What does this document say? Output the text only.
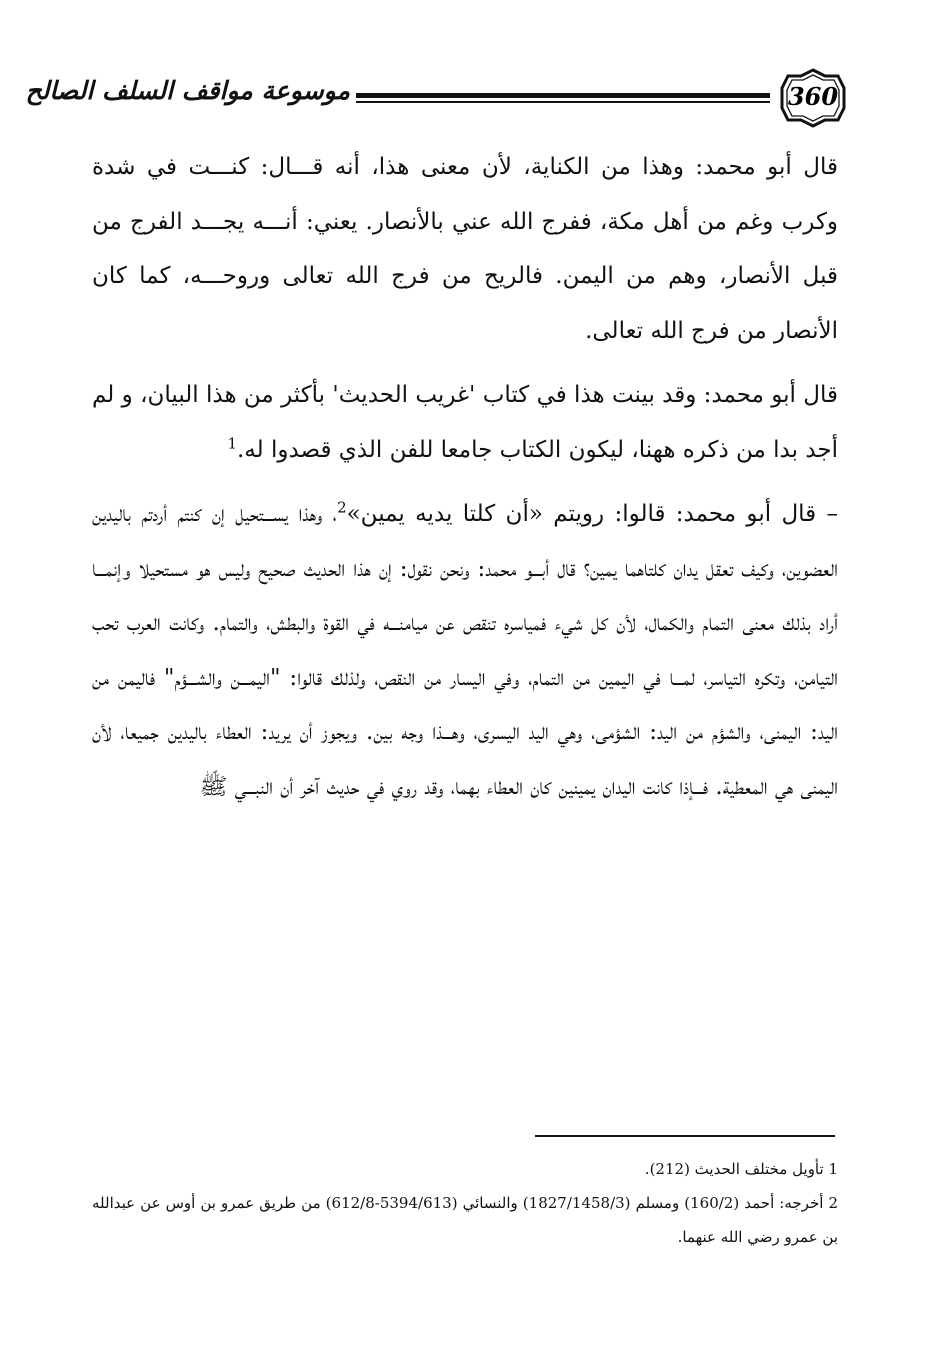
360
موسوعة مواقف السلف الصالح

قال أبو محمد: وهذا من الكناية، لأن معنى هذا، أنه قـــال: كنـــت في شدة وكرب وغم من أهل مكة، ففرج الله عني بالأنصار. يعني: أنـــه يجـــد الفرج من قبل الأنصار، وهم من اليمن. فالريح من فرج الله تعالى وروحـــه، كما كان الأنصار من فرج الله تعالى.

قال أبو محمد: وقد بينت هذا في كتاب 'غريب الحديث' بأكثر من هذا البيان، و لم أجد بدا من ذكره ههنا، ليكون الكتاب جامعا للفن الذي قصدوا له.$^1$

– قال أبو محمد: قالوا: رويتم «أن كلتا يديه يمين»$^2$، وهذا يســـتحيل إن كنتم أردتم باليدين العضوين، وكيف تعقل يدان كلتاهما يمين؟ قال أبـــو محمد: ونحن نقول: إن هذا الحديث صحيح وليس هو مستحيلا وإنمـــا أراد بذلك معنى التمام والكمال، لأن كل شيء فمياسره تنقص عن ميامنـــه في القوة والبطش، والتمام. وكانت العرب تحب التيامن، وتكره التياسر، لمـــا في اليمين من التمام، وفي اليسار من النقص، ولذلك قالوا: "اليمـــن والشـــؤم" فاليمن من اليد: اليمنى، والشؤم من اليد: الشؤمى، وهي اليد اليسرى، وهـــذا وجه بين. ويجوز أن يريد: العطاء باليدين جميعا، لأن اليمنى هي المعطية. فـــإذا كانت اليدان يمينين كان العطاء بهما، وقد روي في حديث آخر أن النبـــي ﷺ

1 تأويل مختلف الحديث (212).

2 أخرجه: أحمد (160/2) ومسلم (1827/1458/3) والنسائي (5394/613-612/8) من طريق عمرو بن أوس عن عبدالله بن عمرو رضي الله عنهما.
